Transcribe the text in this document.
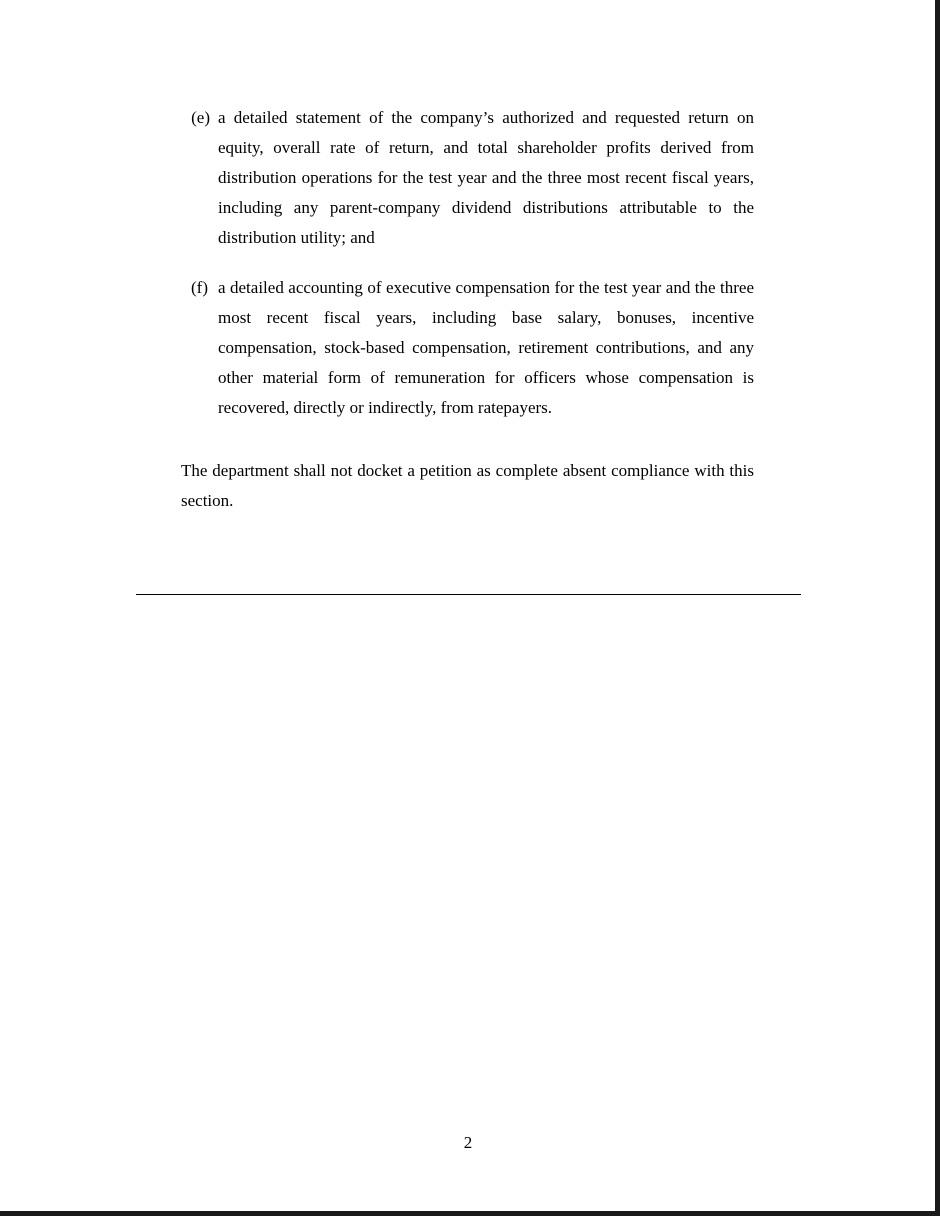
(e) a detailed statement of the company’s authorized and requested return on equity, overall rate of return, and total shareholder profits derived from distribution operations for the test year and the three most recent fiscal years, including any parent-company dividend distributions attributable to the distribution utility; and

(f) a detailed accounting of executive compensation for the test year and the three most recent fiscal years, including base salary, bonuses, incentive compensation, stock-based compensation, retirement contributions, and any other material form of remuneration for officers whose compensation is recovered, directly or indirectly, from ratepayers.

The department shall not docket a petition as complete absent compliance with this section.

2
